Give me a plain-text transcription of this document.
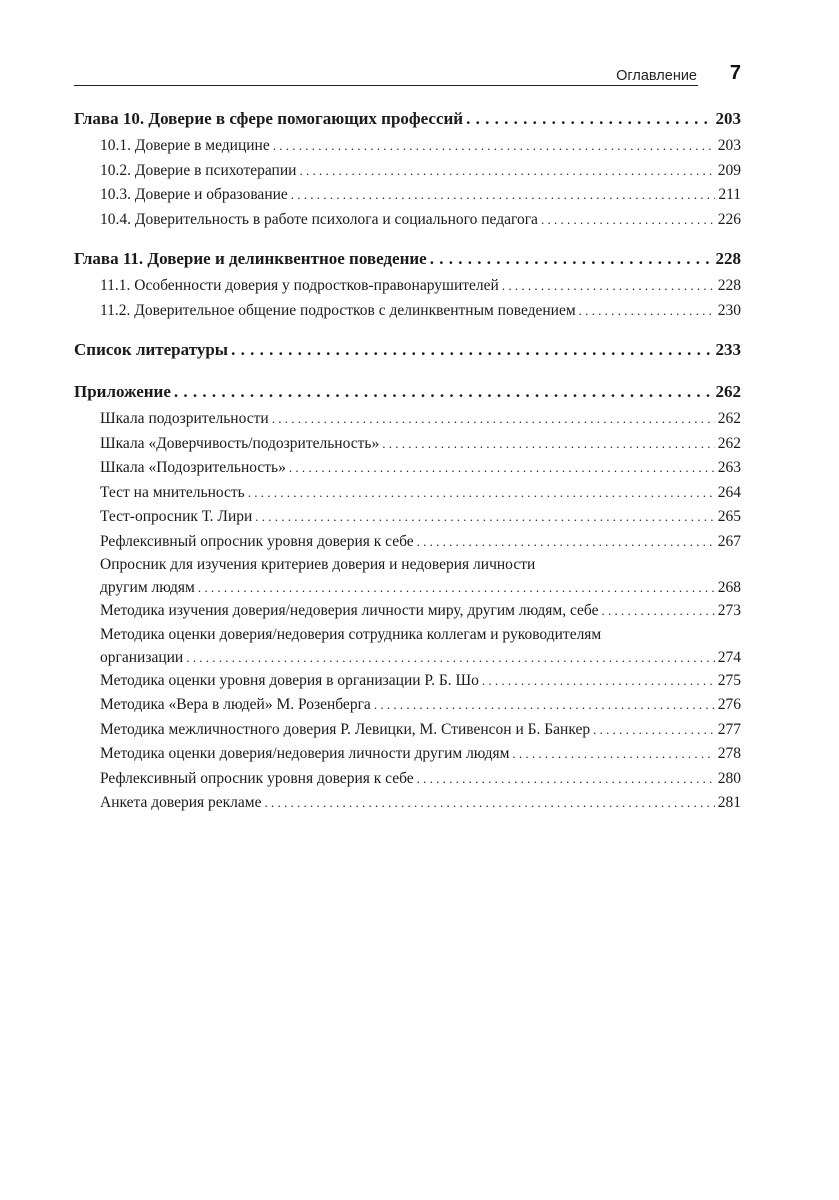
Оглавление 7
Глава 10. Доверие в сфере помогающих профессий . . .	203
10.1. Доверие в медицине . . .	203
10.2. Доверие в психотерапии . . .	209
10.3. Доверие и образование . . .	211
10.4. Доверительность в работе психолога и социального педагога . . .	226
Глава 11. Доверие и делинквентное поведение . . .	228
11.1. Особенности доверия у подростков-правонарушителей . . .	228
11.2. Доверительное общение подростков с делинквентным поведением . . .	230
Список литературы . . .	233
Приложение . . .	262
Шкала подозрительности . . .	262
Шкала «Доверчивость/подозрительность» . . .	262
Шкала «Подозрительность» . . .	263
Тест на мнительность . . .	264
Тест-опросник Т. Лири . . .	265
Рефлексивный опросник уровня доверия к себе . . .	267
Опросник для изучения критериев доверия и недоверия личности
другим людям . . .	268
Методика изучения доверия/недоверия личности миру, другим людям, себе . . .	273
Методика оценки доверия/недоверия сотрудника коллегам и руководителям
организации . . .	274
Методика оценки уровня доверия в организации Р. Б. Шо . . .	275
Методика «Вера в людей» М. Розенберга . . .	276
Методика межличностного доверия Р. Левицки, М. Стивенсон и Б. Банкер . . .	277
Методика оценки доверия/недоверия личности другим людям . . .	278
Рефлексивный опросник уровня доверия к себе . . .	280
Анкета доверия рекламе . . .	281
